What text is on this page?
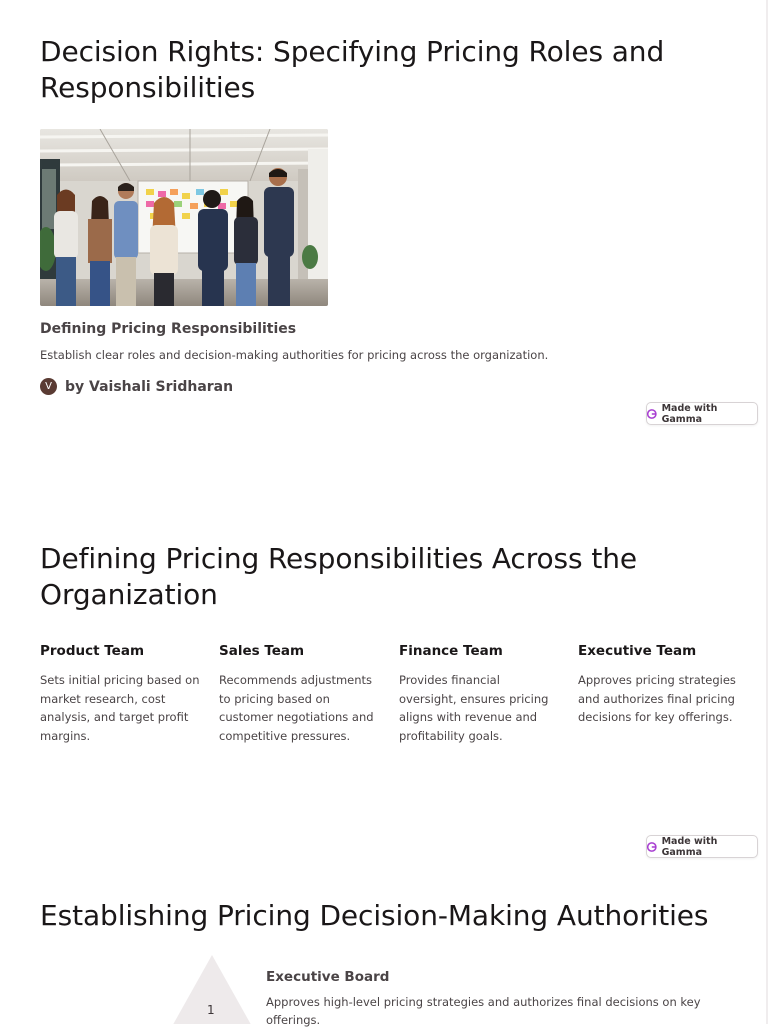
Decision Rights: Specifying Pricing Roles and Responsibilities
Defining Pricing Responsibilities
Establish clear roles and decision-making authorities for pricing across the organization.
V by Vaishali Sridharan
Made with Gamma
Defining Pricing Responsibilities Across the Organization
Product Team
Sets initial pricing based on market research, cost analysis, and target profit margins.
Sales Team
Recommends adjustments to pricing based on customer negotiations and competitive pressures.
Finance Team
Provides financial oversight, ensures pricing aligns with revenue and profitability goals.
Executive Team
Approves pricing strategies and authorizes final pricing decisions for key offerings.
Made with Gamma
Establishing Pricing Decision-Making Authorities
1
Executive Board
Approves high-level pricing strategies and authorizes final decisions on key offerings.
